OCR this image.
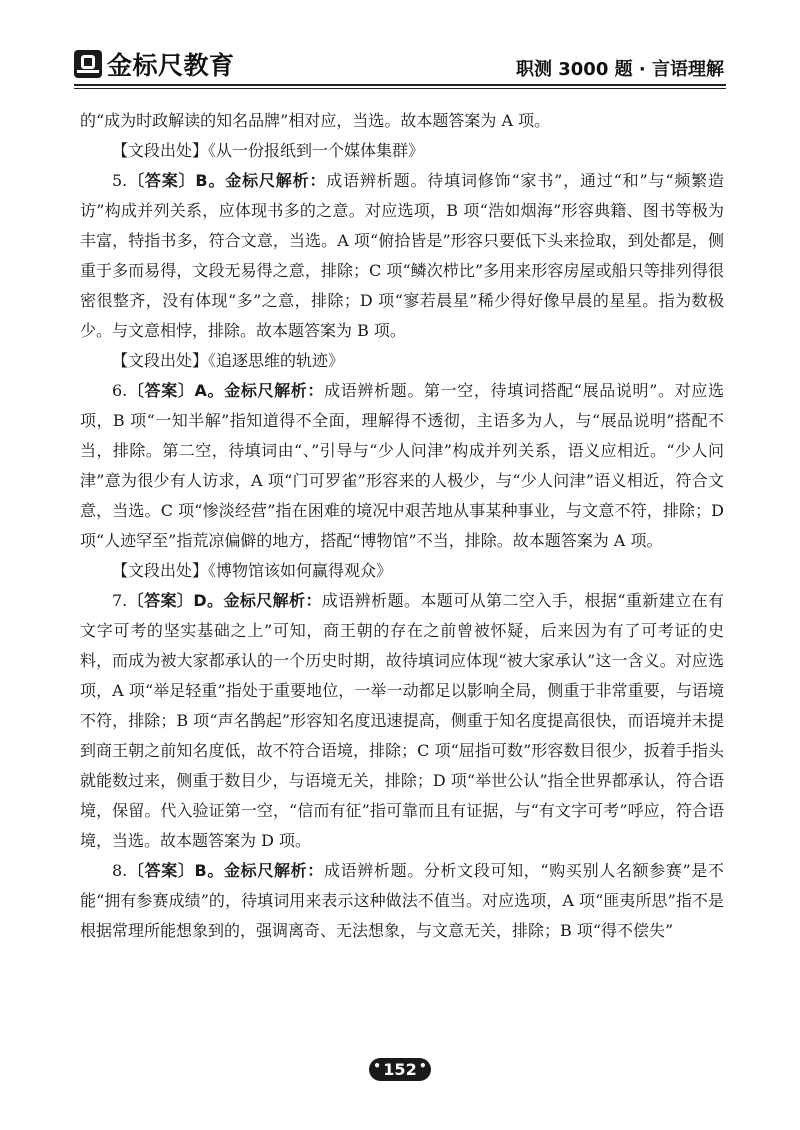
金标尺教育	职测 3000 题 · 言语理解

的“成为时政解读的知名品牌”相对应，当选。故本题答案为 A 项。

【文段出处】《从一份报纸到一个媒体集群》

5.〔答案〕B。金标尺解析：成语辨析题。待填词修饰“家书”，通过“和”与“频繁造访”构成并列关系，应体现书多的之意。对应选项，B 项“浩如烟海”形容典籍、图书等极为丰富，特指书多，符合文意，当选。A 项“俯拾皆是”形容只要低下头来捡取，到处都是，侧重于多而易得，文段无易得之意，排除；C 项“鳞次栉比”多用来形容房屋或船只等排列得很密很整齐，没有体现“多”之意，排除；D 项“寥若晨星”稀少得好像早晨的星星。指为数极少。与文意相悖，排除。故本题答案为 B 项。

【文段出处】《追逐思维的轨迹》

6.〔答案〕A。金标尺解析：成语辨析题。第一空，待填词搭配“展品说明”。对应选项，B 项“一知半解”指知道得不全面，理解得不透彻，主语多为人，与“展品说明”搭配不当，排除。第二空，待填词由“、”引导与“少人问津”构成并列关系，语义应相近。“少人问津”意为很少有人访求，A 项“门可罗雀”形容来的人极少，与“少人问津”语义相近，符合文意，当选。C 项“惨淡经营”指在困难的境况中艰苦地从事某种事业，与文意不符，排除；D 项“人迹罕至”指荒凉偏僻的地方，搭配“博物馆”不当，排除。故本题答案为 A 项。

【文段出处】《博物馆该如何赢得观众》

7.〔答案〕D。金标尺解析：成语辨析题。本题可从第二空入手，根据“重新建立在有文字可考的坚实基础之上”可知，商王朝的存在之前曾被怀疑，后来因为有了可考证的史料，而成为被大家都承认的一个历史时期，故待填词应体现“被大家承认”这一含义。对应选项，A 项“举足轻重”指处于重要地位，一举一动都足以影响全局，侧重于非常重要，与语境不符，排除；B 项“声名鹊起”形容知名度迅速提高，侧重于知名度提高很快，而语境并未提到商王朝之前知名度低，故不符合语境，排除；C 项“屈指可数”形容数目很少，扳着手指头就能数过来，侧重于数目少，与语境无关，排除；D 项“举世公认”指全世界都承认，符合语境，保留。代入验证第一空，“信而有征”指可靠而且有证据，与“有文字可考”呼应，符合语境，当选。故本题答案为 D 项。

8.〔答案〕B。金标尺解析：成语辨析题。分析文段可知，“购买别人名额参赛”是不能“拥有参赛成绩”的，待填词用来表示这种做法不值当。对应选项，A 项“匪夷所思”指不是根据常理所能想象到的，强调离奇、无法想象，与文意无关，排除；B 项“得不偿失”

• 152 •
